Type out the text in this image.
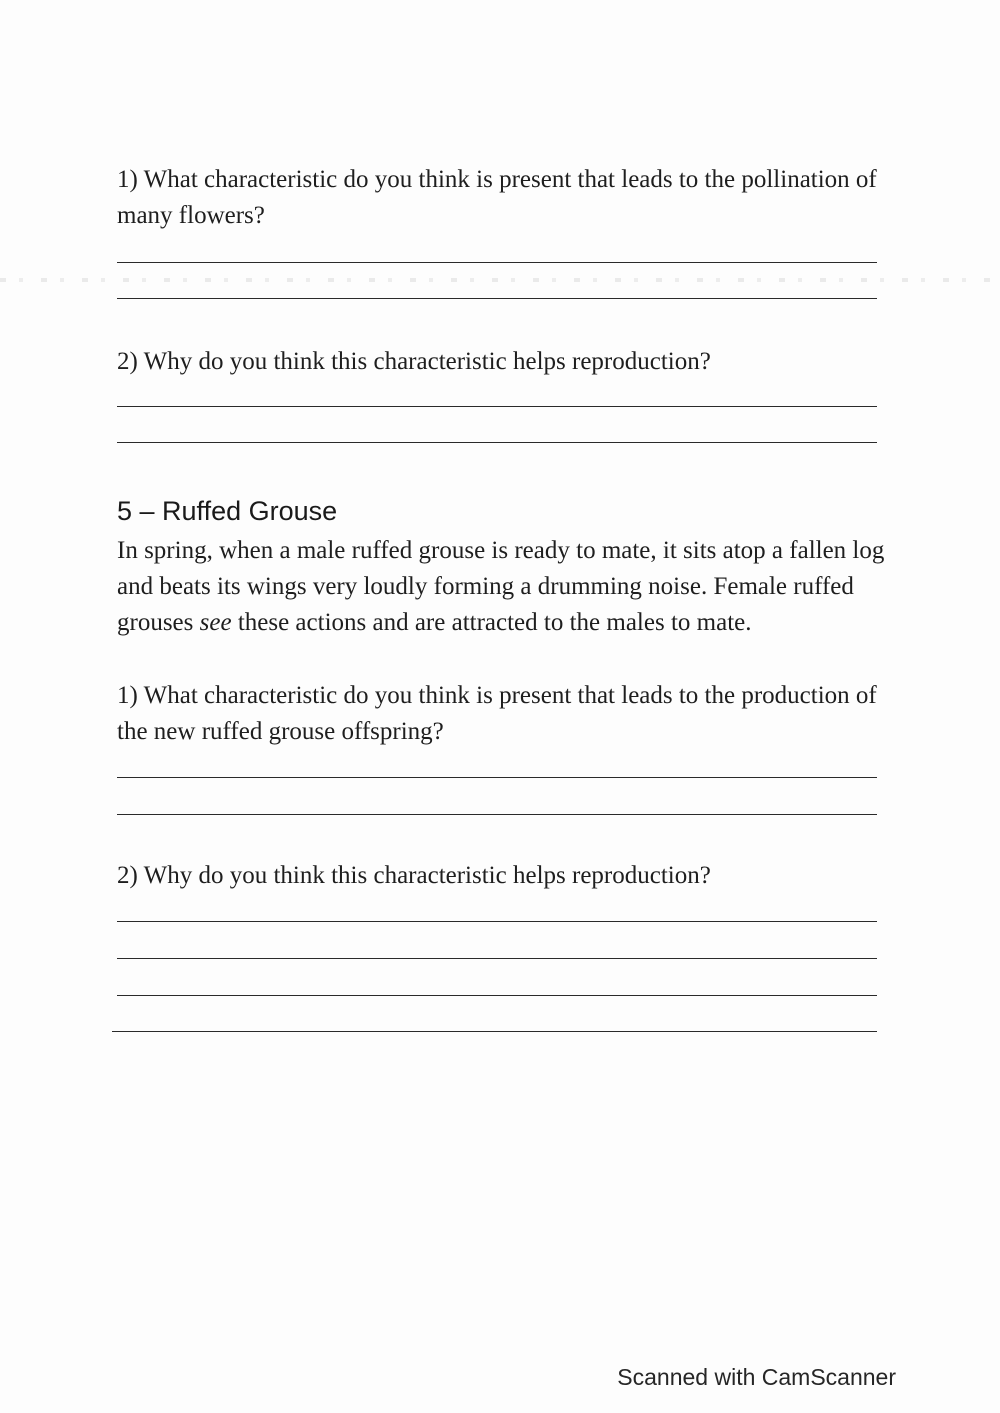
1) What characteristic do you think is present that leads to the pollination of many flowers?

2) Why do you think this characteristic helps reproduction?

5 – Ruffed Grouse

In spring, when a male ruffed grouse is ready to mate, it sits atop a fallen log and beats its wings very loudly forming a drumming noise. Female ruffed grouses see these actions and are attracted to the males to mate.

1) What characteristic do you think is present that leads to the production of the new ruffed grouse offspring?

2) Why do you think this characteristic helps reproduction?

Scanned with CamScanner
